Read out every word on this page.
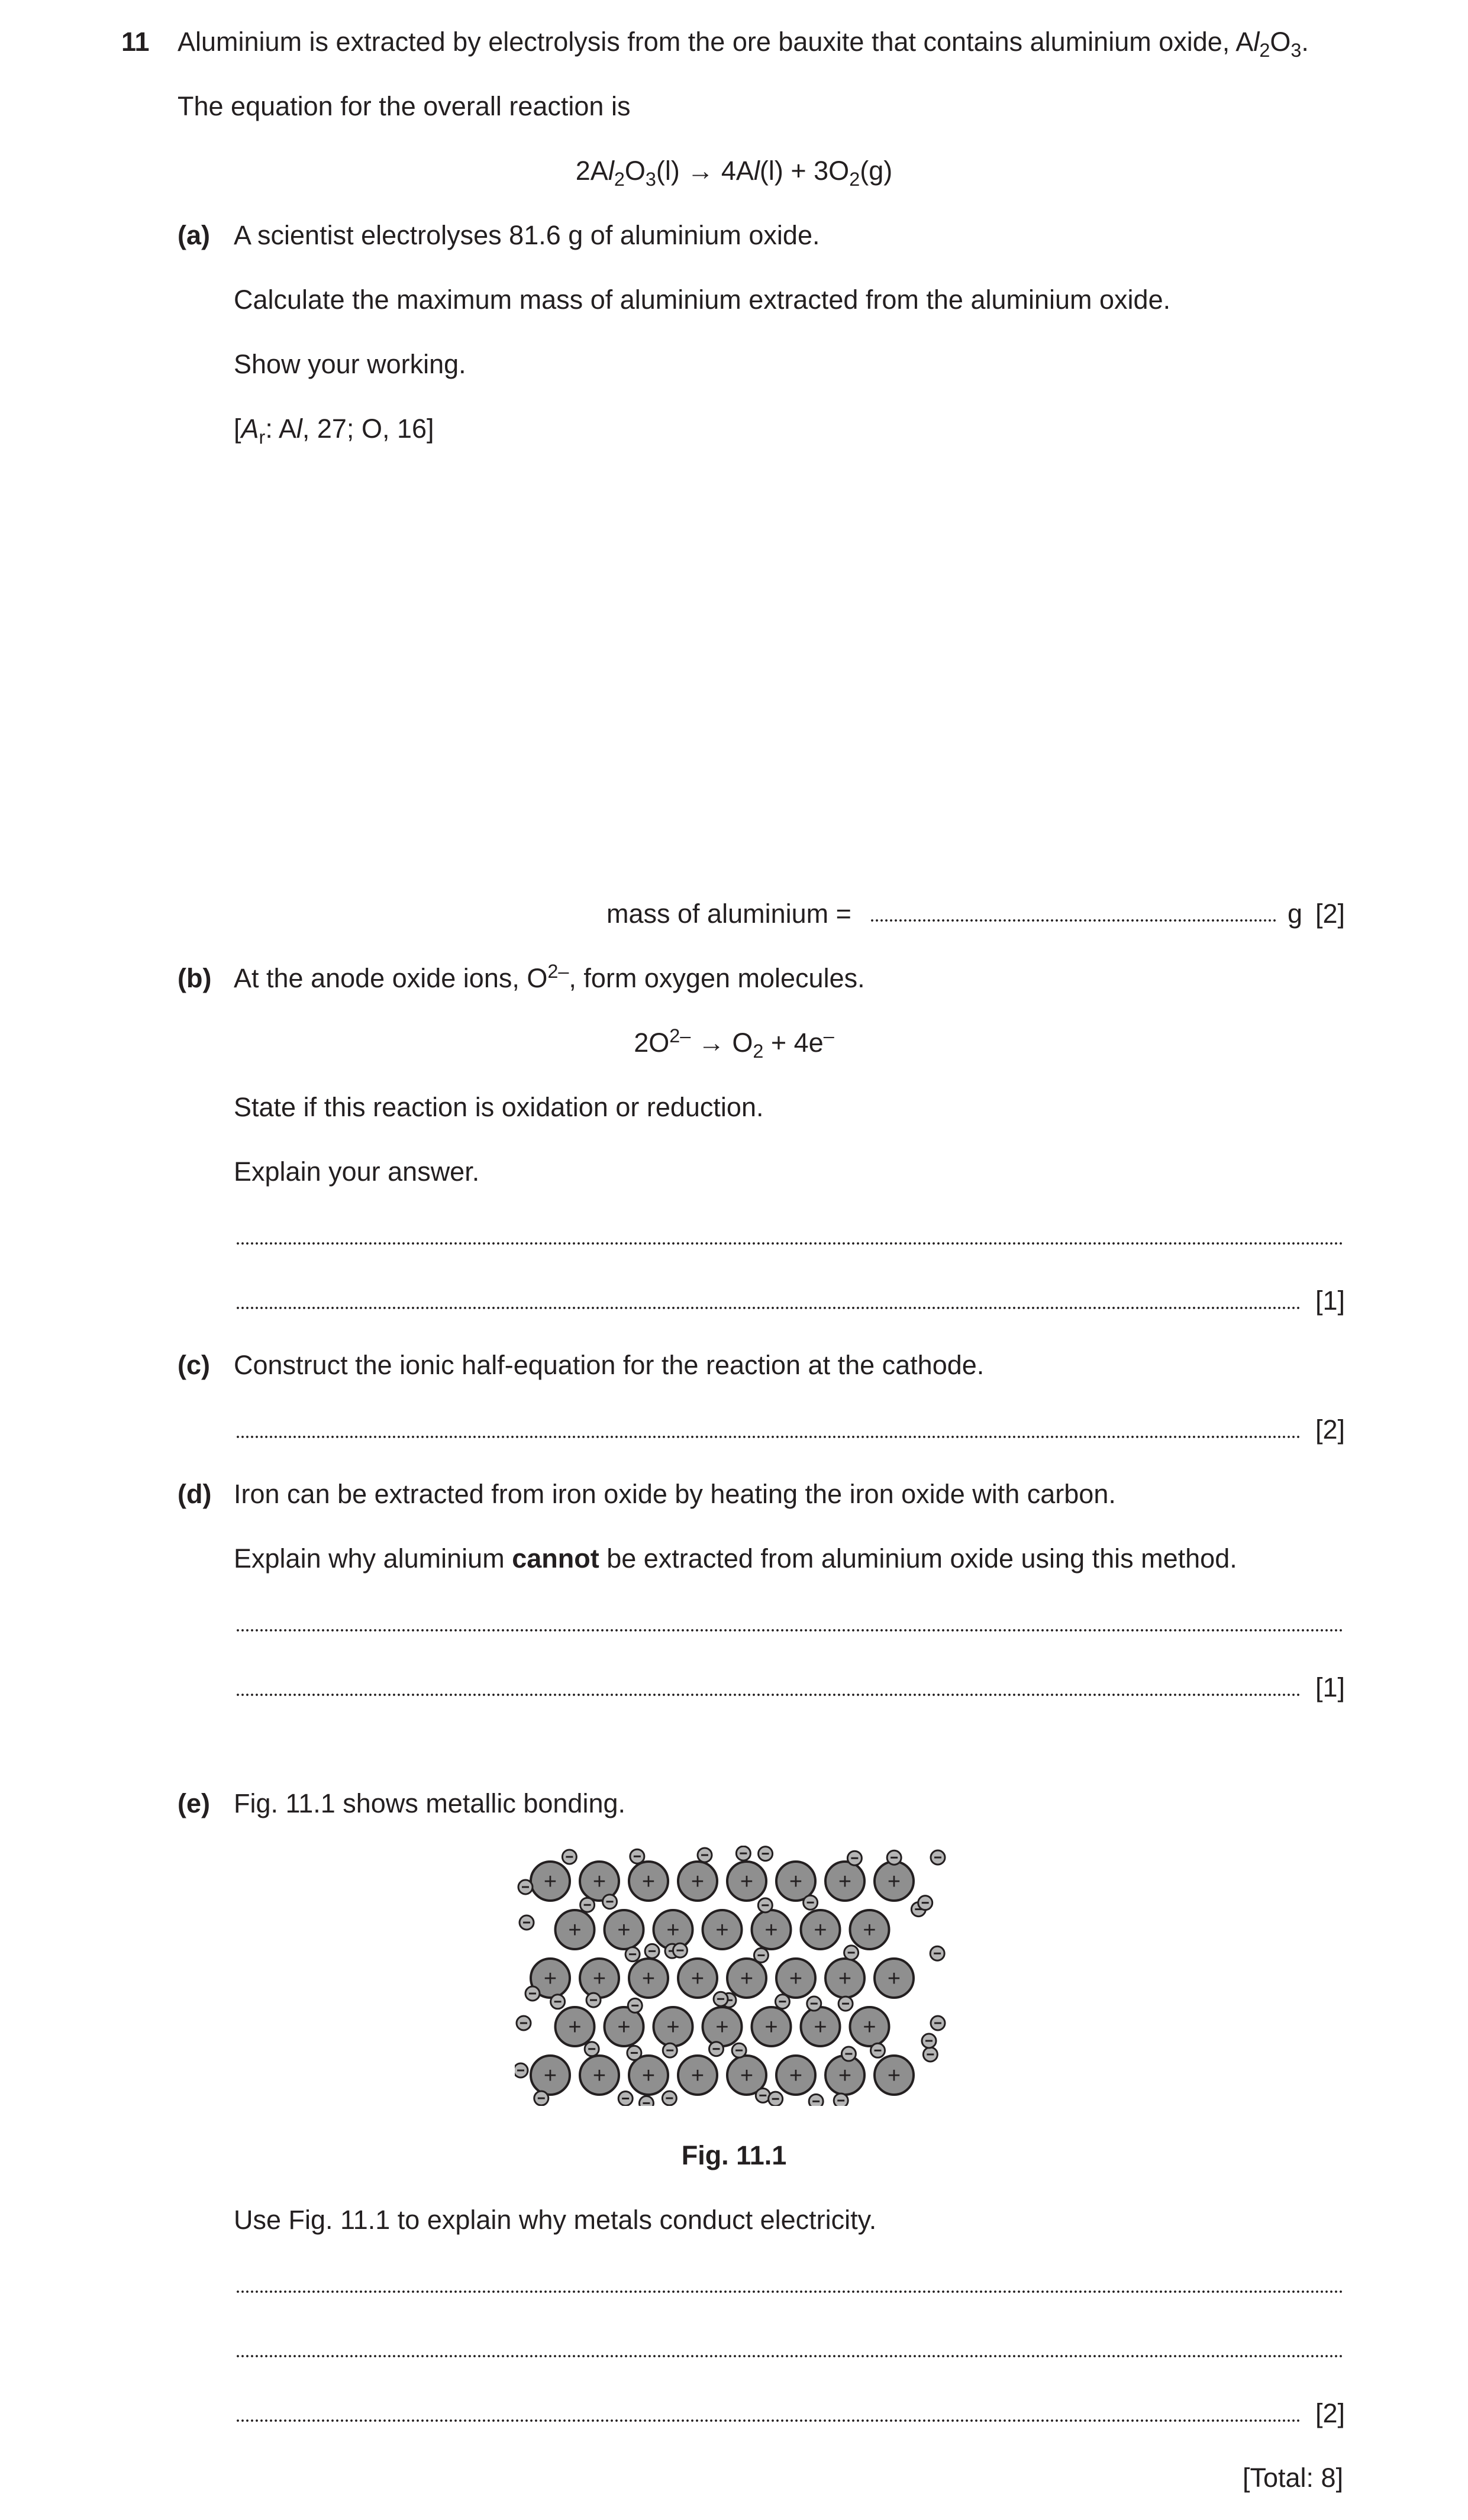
11 Aluminium is extracted by electrolysis from the ore bauxite that contains aluminium oxide, $Al_2O_3$.
The equation for the overall reaction is
$2Al_2O_3(l) \to 4Al(l) + 3O_2(g)$
(a) A scientist electrolyses 81.6 g of aluminium oxide.
Calculate the maximum mass of aluminium extracted from the aluminium oxide.
Show your working.
[$A_r$: Al, 27; O, 16]
mass of aluminium =	g [2]
(b) At the anode oxide ions, $O^{2-}$, form oxygen molecules.
$2O^{2-} \to O_2 + 4e^-$
State if this reaction is oxidation or reduction.
Explain your answer.
[1]
(c) Construct the ionic half-equation for the reaction at the cathode.
[2]
(d) Iron can be extracted from iron oxide by heating the iron oxide with carbon.
Explain why aluminium cannot be extracted from aluminium oxide using this method.
[1]
(e) Fig. 11.1 shows metallic bonding.
+ + + + + + + +
+ + + + + + +
+ + + + + + + +
+ + + + + + +
+ + + + + + + +
Fig. 11.1
Use Fig. 11.1 to explain why metals conduct electricity.
[2]
[Total: 8]
